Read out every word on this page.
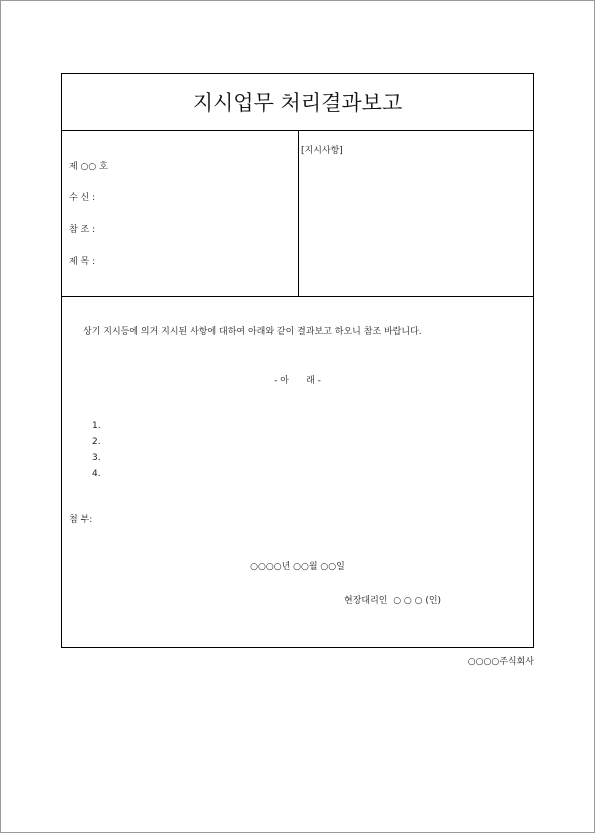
지시업무 처리결과보고
제 ○○ 호
수 신 :
참 조 :
제 목 :
[지시사항]
상기 지시등에 의거 지시된 사항에 대하여 아래와 같이 결과보고 하오니 참조 바랍니다.
- 아      래 -
1.
2.
3.
4.
첨 부:
○○○○년 ○○월 ○○일
현장대리인  ○ ○ ○ (인)
○○○○주식회사
